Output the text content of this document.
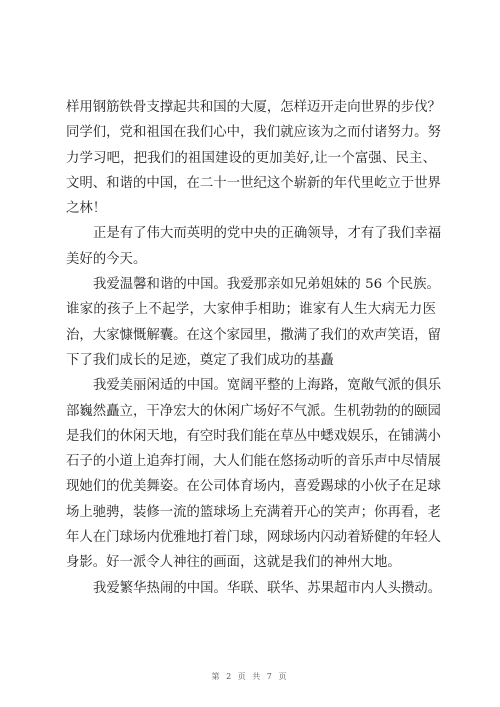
样用钢筋铁骨支撑起共和国的大厦，怎样迈开走向世界的步伐？
同学们，党和祖国在我们心中，我们就应该为之而付诸努力。努
力学习吧，把我们的祖国建设的更加美好,让一个富强、民主、
文明、和谐的中国，在二十一世纪这个崭新的年代里屹立于世界
之林！
正是有了伟大而英明的党中央的正确领导，才有了我们幸福
美好的今天。
我爱温馨和谐的中国。我爱那亲如兄弟姐妹的 56 个民族。
谁家的孩子上不起学，大家伸手相助；谁家有人生大病无力医
治，大家慷慨解囊。在这个家园里，撒满了我们的欢声笑语，留
下了我们成长的足迹，奠定了我们成功的基矗
我爱美丽闲适的中国。宽阔平整的上海路，宽敞气派的俱乐
部巍然矗立，干净宏大的休闲广场好不气派。生机勃勃的的颐园
是我们的休闲天地，有空时我们能在草丛中蟋戏娱乐，在铺满小
石子的小道上追奔打闹，大人们能在悠扬动听的音乐声中尽情展
现她们的优美舞姿。在公司体育场内，喜爱踢球的小伙子在足球
场上驰骋，装修一流的篮球场上充满着开心的笑声；你再看，老
年人在门球场内优雅地打着门球，网球场内闪动着矫健的年轻人
身影。好一派令人神往的画面，这就是我们的神州大地。
我爱繁华热闹的中国。华联、联华、苏果超市内人头攒动。
第 2 页 共 7 页
